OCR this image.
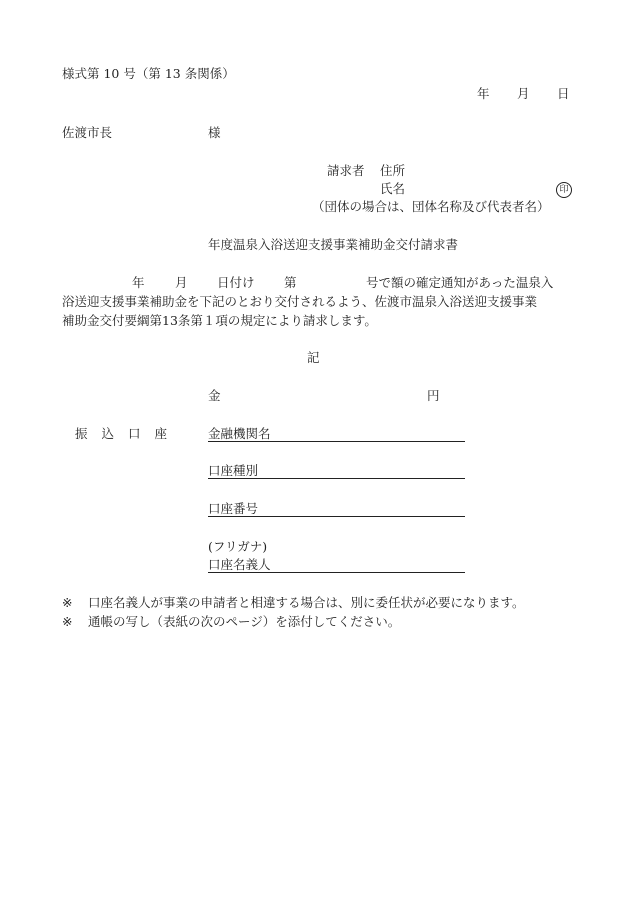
様式第 10 号（第 13 条関係）
年 月 日
佐渡市長	様
請求者 住所
氏名	印
（団体の場合は、団体名称及び代表者名）
年度温泉入浴送迎支援事業補助金交付請求書
年 月 日付け 第	号で額の確定通知があった温泉入
浴送迎支援事業補助金を下記のとおり交付されるよう、佐渡市温泉入浴送迎支援事業
補助金交付要綱第13条第１項の規定により請求します。
記
金	円
振込口座 金融機関名
口座種別
口座番号
(フリガナ)
口座名義人
※ 口座名義人が事業の申請者と相違する場合は、別に委任状が必要になります。
※ 通帳の写し（表紙の次のページ）を添付してください。
